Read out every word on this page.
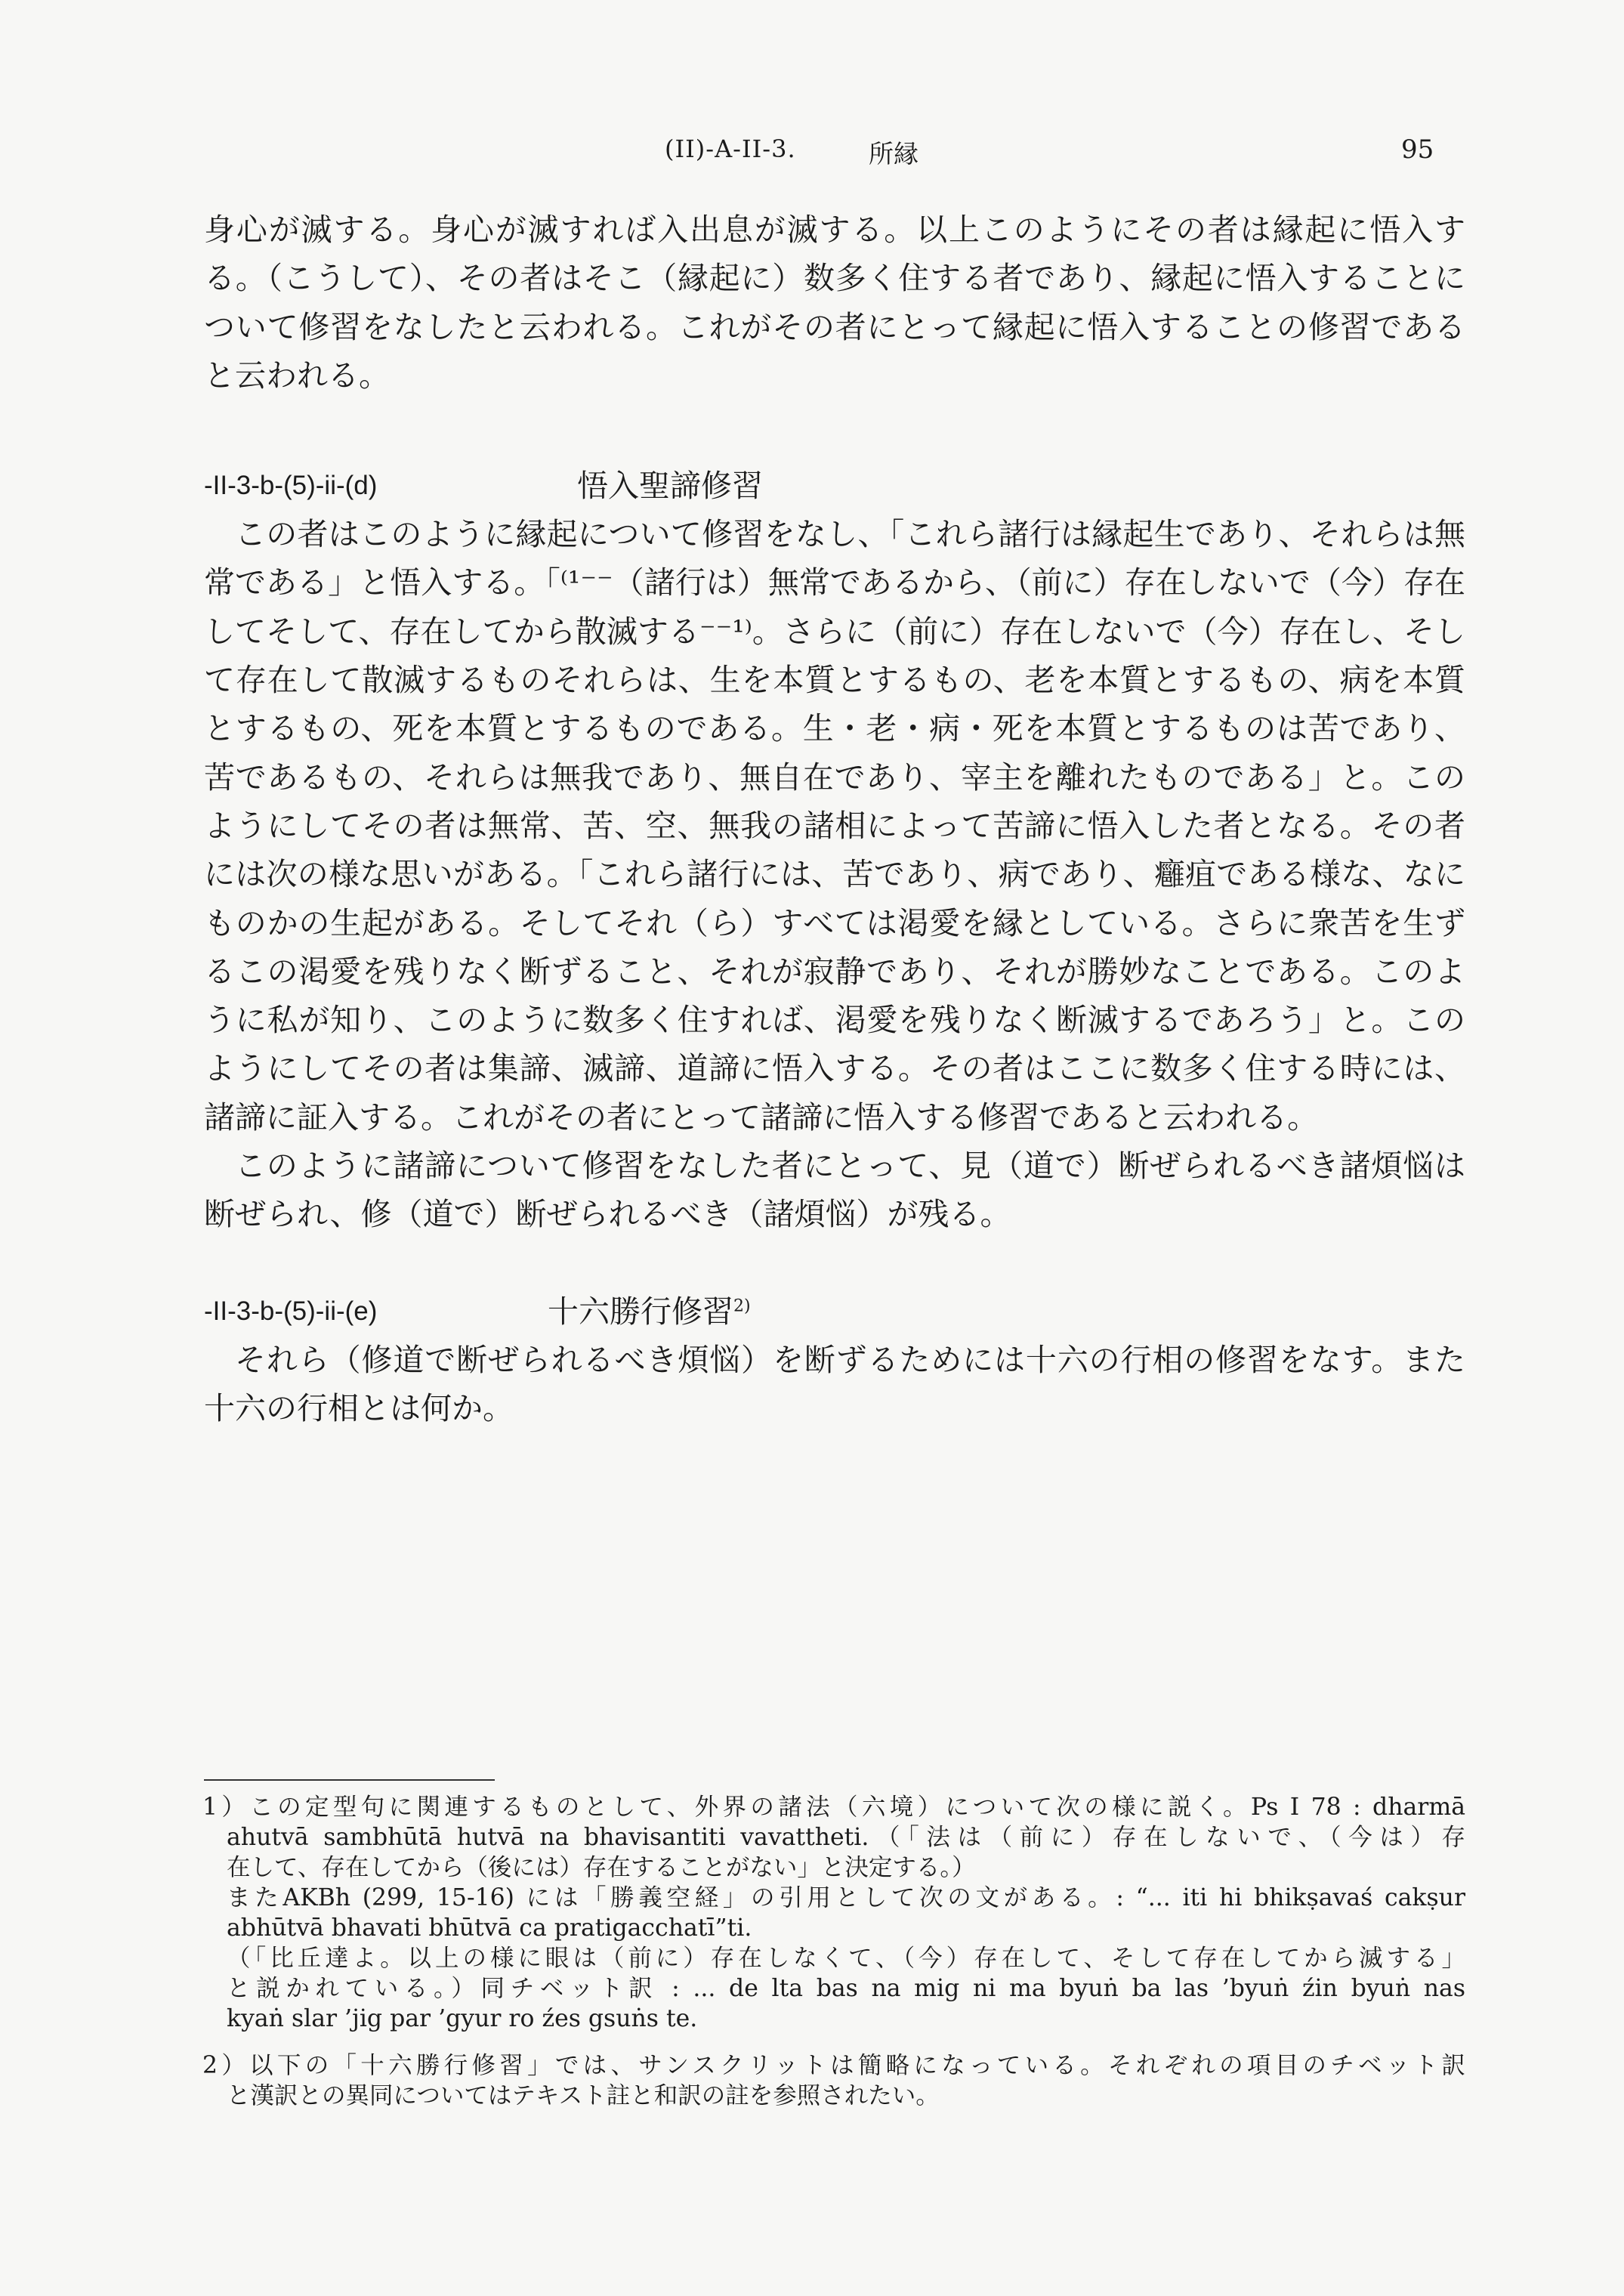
(II)-A-II-3.	所縁	95

身心が滅する。身心が滅すれば入出息が滅する。以上このようにその者は縁起に悟入する。（こうして）、その者はそこ（縁起に）数多く住する者であり、縁起に悟入することについて修習をなしたと云われる。これがその者にとって縁起に悟入することの修習であると云われる。

-II-3-b-(5)-ii-(d)	悟入聖諦修習

この者はこのように縁起について修習をなし、「これら諸行は縁起生であり、それらは無常である」と悟入する。「⁽¹⁻⁻（諸行は）無常であるから、（前に）存在しないで（今）存在してそして、存在してから散滅する⁻⁻¹⁾。さらに（前に）存在しないで（今）存在し、そして存在して散滅するものそれらは、生を本質とするもの、老を本質とするもの、病を本質とするもの、死を本質とするものである。生・老・病・死を本質とするものは苦であり、苦であるもの、それらは無我であり、無自在であり、宰主を離れたものである」と。このようにしてその者は無常、苦、空、無我の諸相によって苦諦に悟入した者となる。その者には次の様な思いがある。「これら諸行には、苦であり、病であり、癰疽である様な、なにものかの生起がある。そしてそれ（ら）すべては渇愛を縁としている。さらに衆苦を生ずるこの渇愛を残りなく断ずること、それが寂静であり、それが勝妙なことである。このように私が知り、このように数多く住すれば、渇愛を残りなく断滅するであろう」と。このようにしてその者は集諦、滅諦、道諦に悟入する。その者はここに数多く住する時には、諸諦に証入する。これがその者にとって諸諦に悟入する修習であると云われる。

このように諸諦について修習をなした者にとって、見（道で）断ぜられるべき諸煩悩は断ぜられ、修（道で）断ぜられるべき（諸煩悩）が残る。

-II-3-b-(5)-ii-(e)	十六勝行修習$^{2)}$

それら（修道で断ぜられるべき煩悩）を断ずるためには十六の行相の修習をなす。また十六の行相とは何か。

1）この定型句に関連するものとして、外界の諸法（六境）について次の様に説く。Ps I 78 : dharmā

ahutvā sambhūtā hutvā na bhavisantiti vavattheti.（「法は（前に）存在しないで、（今は）存

在して、存在してから（後には）存在することがない」と決定する。）

またAKBh (299, 15-16) には「勝義空経」の引用として次の文がある。: “... iti hi bhikṣavaś cakṣur

abhūtvā bhavati bhūtvā ca pratigacchatī”ti.

（「比丘達よ。以上の様に眼は（前に）存在しなくて、（今）存在して、そして存在してから滅する」

と説かれている。）同チベット訳 : ... de lta bas na mig ni ma byuṅ ba las ’byuṅ źin byuṅ nas

kyaṅ slar ’jig par ’gyur ro źes gsuṅs te.

2）以下の「十六勝行修習」では、サンスクリットは簡略になっている。それぞれの項目のチベット訳

と漢訳との異同についてはテキスト註と和訳の註を参照されたい。
